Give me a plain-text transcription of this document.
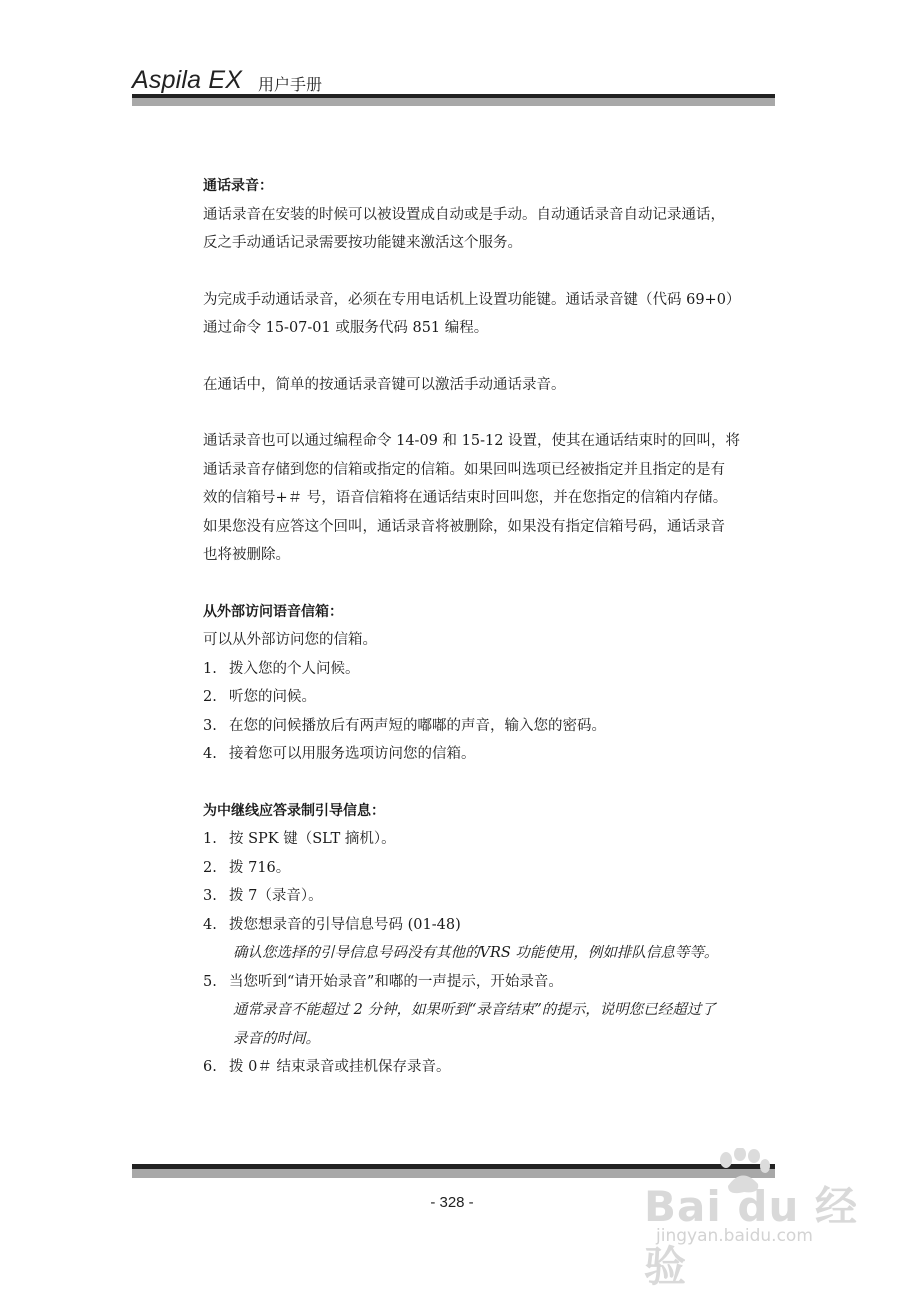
Aspila EX 用户手册

通话录音：

通话录音在安装的时候可以被设置成自动或是手动。自动通话录音自动记录通话，

反之手动通话记录需要按功能键来激活这个服务。

为完成手动通话录音，必须在专用电话机上设置功能键。通话录音键（代码 69+0）

通过命令 15-07-01 或服务代码 851 编程。

在通话中，简单的按通话录音键可以激活手动通话录音。

通话录音也可以通过编程命令 14-09 和 15-12 设置，使其在通话结束时的回叫，将

通话录音存储到您的信箱或指定的信箱。如果回叫选项已经被指定并且指定的是有

效的信箱号+＃ 号，语音信箱将在通话结束时回叫您，并在您指定的信箱内存储。

如果您没有应答这个回叫，通话录音将被删除，如果没有指定信箱号码，通话录音

也将被删除。

从外部访问语音信箱：

可以从外部访问您的信箱。

1. 拨入您的个人问候。
2. 听您的问候。
3. 在您的问候播放后有两声短的嘟嘟的声音，输入您的密码。
4. 接着您可以用服务选项访问您的信箱。

为中继线应答录制引导信息：

1. 按 SPK 键（SLT 摘机）。
2. 拨 716。
3. 拨 7（录音）。
4. 拨您想录音的引导信息号码 (01-48)

确认您选择的引导信息号码没有其他的VRS 功能使用，例如排队信息等等。

5. 当您听到“请开始录音”和嘟的一声提示，开始录音。

通常录音不能超过 2 分钟，如果听到“录音结束”的提示，说明您已经超过了

录音的时间。

6. 拨 0＃ 结束录音或挂机保存录音。
- 328 -	Bai du 经验
jingyan.baidu.com
